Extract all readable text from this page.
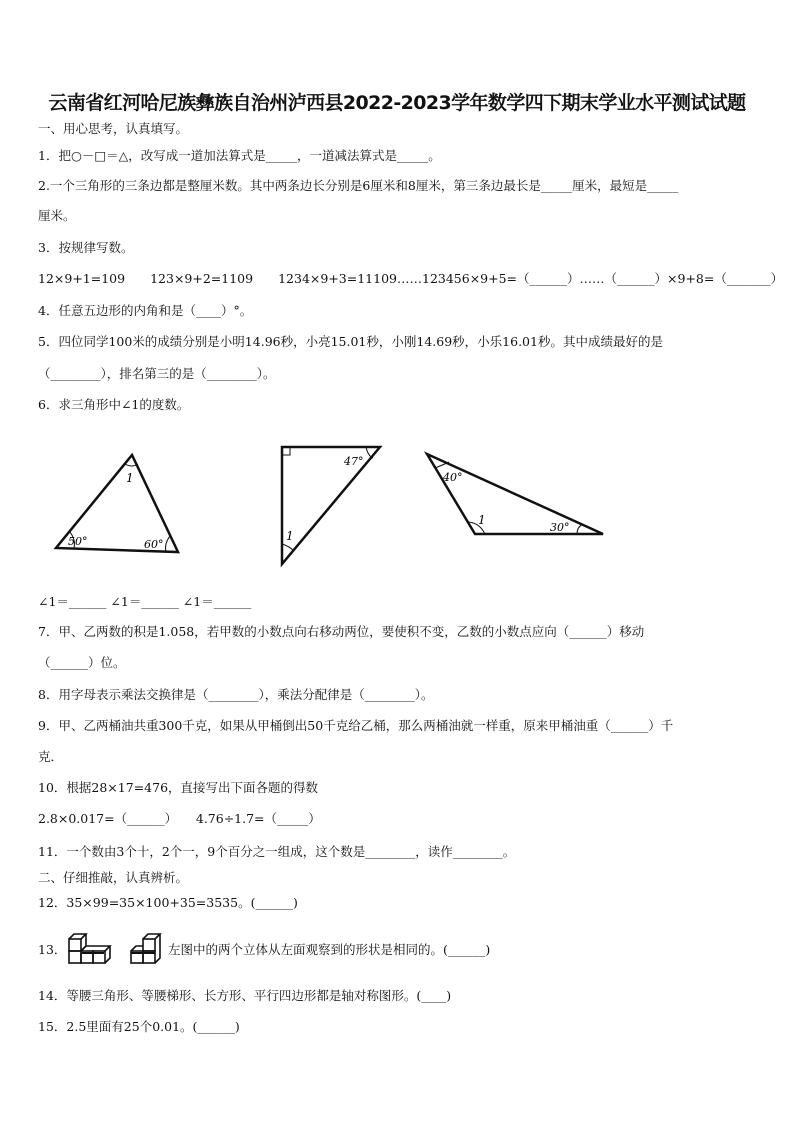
云南省红河哈尼族彝族自治州泸西县2022-2023学年数学四下期末学业水平测试试题
一、用心思考，认真填写。
1．把○－□＝△，改写成一道加法算式是_____，一道减法算式是_____。
2.一个三角形的三条边都是整厘米数。其中两条边长分别是6厘米和8厘米，第三条边最长是_____厘米，最短是_____
厘米。
3．按规律写数。
12×9+1=109　　123×9+2=1109　　1234×9+3=11109……123456×9+5=（______）……（______）×9+8=（_______）
4．任意五边形的内角和是（____）°。
5．四位同学100米的成绩分别是小明14.96秒，小亮15.01秒，小刚14.69秒，小乐16.01秒。其中成绩最好的是
（________），排名第三的是（________）。
6．求三角形中∠1的度数。
1
50°	60°
47°
1
40°
1
30°
∠1＝______ ∠1＝______ ∠1＝______
7．甲、乙两数的积是1.058，若甲数的小数点向右移动两位，要使积不变，乙数的小数点应向（______）移动
（______）位。
8．用字母表示乘法交换律是（________），乘法分配律是（________）。
9．甲、乙两桶油共重300千克，如果从甲桶倒出50千克给乙桶，那么两桶油就一样重，原来甲桶油重（______）千
克．
10．根据28×17=476，直接写出下面各题的得数
2.8×0.017=（______）　　4.76÷1.7=（_____）
11．一个数由3个十，2个一，9个百分之一组成，这个数是________，读作________。
二、仔细推敲，认真辨析。
12．35×99=35×100+35=3535。(______)
13．	左图中的两个立体从左面观察到的形状是相同的。(______)
14．等腰三角形、等腰梯形、长方形、平行四边形都是轴对称图形。(____)
15．2.5里面有25个0.01。(______)
